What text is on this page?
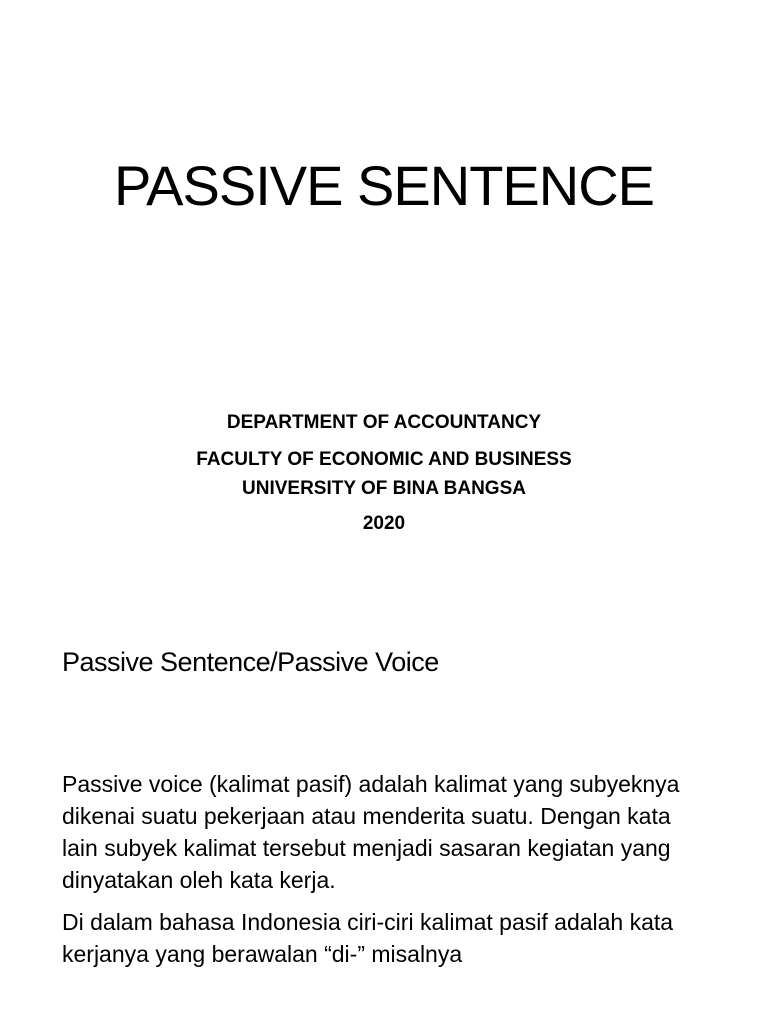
PASSIVE SENTENCE
DEPARTMENT OF ACCOUNTANCY
FACULTY OF ECONOMIC AND BUSINESS
UNIVERSITY OF BINA BANGSA
2020
Passive Sentence/Passive Voice

Passive voice (kalimat pasif) adalah kalimat yang subyeknya dikenai suatu pekerjaan atau menderita suatu. Dengan kata lain subyek kalimat tersebut menjadi sasaran kegiatan yang dinyatakan oleh kata kerja.

Di dalam bahasa Indonesia ciri-ciri kalimat pasif adalah kata kerjanya yang berawalan “di-” misalnya
